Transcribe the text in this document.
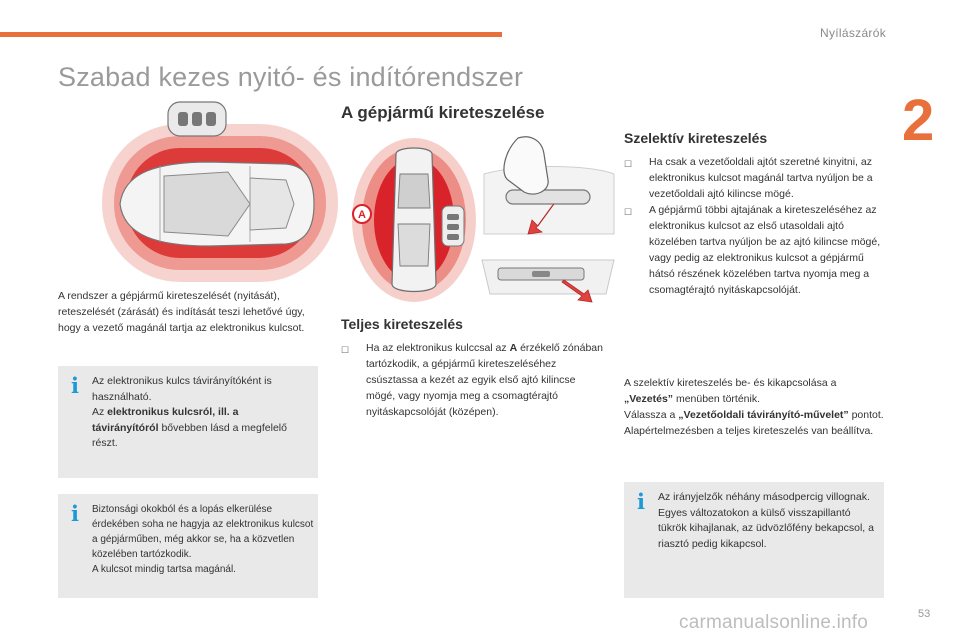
Nyílászárók
2
Szabad kezes nyitó- és indítórendszer

A rendszer a gépjármű kireteszelését (nyitását), reteszelését (zárását) és indítását teszi lehetővé úgy, hogy a vezető magánál tartja az elektronikus kulcsot.

i Az elektronikus kulcs távirányítóként is használható.

Az elektronikus kulcsról, ill. a távirányítóról bővebben lásd a megfelelő részt.

i	Biztonsági okokból és a lopás elkerülése érdekében soha ne hagyja az elektronikus kulcsot a gépjárműben, még akkor se, ha a közvetlen közelében tartózkodik.

A kulcsot mindig tartsa magánál.

A gépjármű kireteszelése
A
Teljes kireteszelés
☐	Ha az elektronikus kulccsal az A érzékelő zónában tartózkodik, a gépjármű kireteszeléséhez csúsztassa a kezét az egyik első ajtó kilincse mögé, vagy nyomja meg a csomagtérajtó nyitáskapcsolóját (középen).
Szelektív kireteszelés
☐	Ha csak a vezetőoldali ajtót szeretné kinyitni, az elektronikus kulcsot magánál tartva nyúljon be a vezetőoldali ajtó kilincse mögé.
☐	A gépjármű többi ajtajának a kireteszeléséhez az elektronikus kulcsot az első utasoldali ajtó közelében tartva nyúljon be az ajtó kilincse mögé, vagy pedig az elektronikus kulcsot a gépjármű hátsó részének közelében tartva nyomja meg a csomagtérajtó nyitáskapcsolóját.
A szelektív kireteszelés be- és kikapcsolása a
„Vezetés” menüben történik.
Válassza a „Vezetőoldali távirányító-művelet” pontot.
Alapértelmezésben a teljes kireteszelés van beállítva.
i Az irányjelzők néhány másodpercig villognak.

Egyes változatokon a külső visszapillantó tükrök kihajlanak, az üdvözlőfény bekapcsol, a riasztó pedig kikapcsol.

carmanualsonline.info	53
